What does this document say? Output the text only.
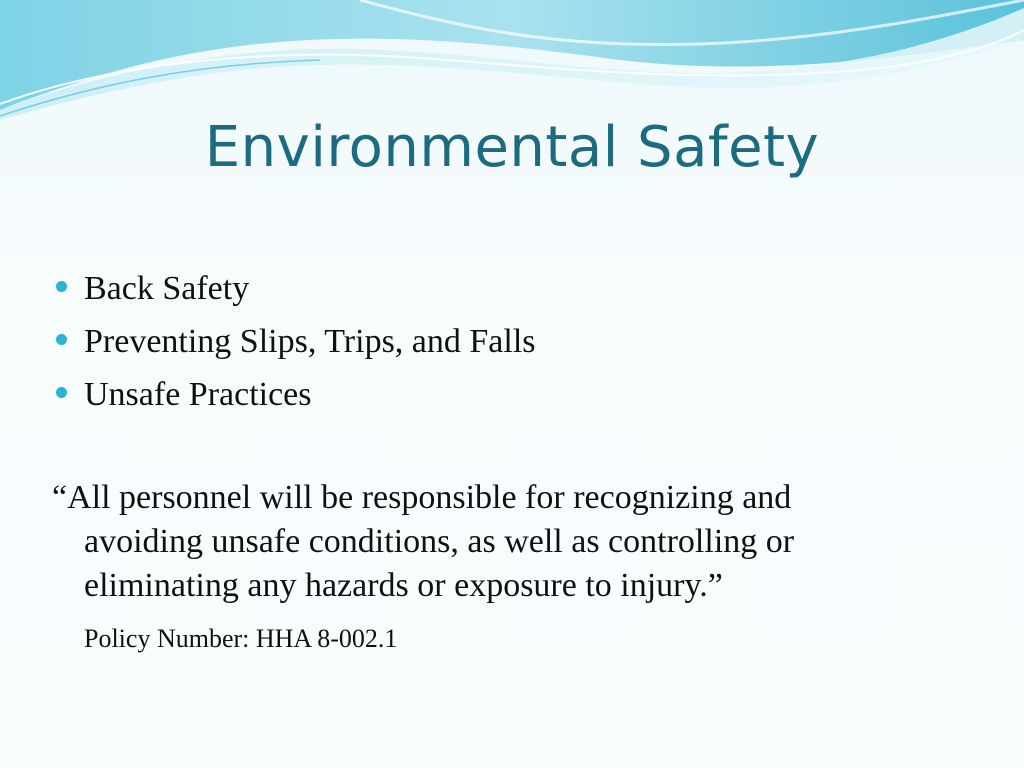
Environmental Safety
Back Safety
Preventing Slips, Trips, and Falls
Unsafe Practices
“All personnel will be responsible for recognizing and
avoiding unsafe conditions, as well as controlling or
eliminating any hazards or exposure to injury.”
Policy Number: HHA 8-002.1
